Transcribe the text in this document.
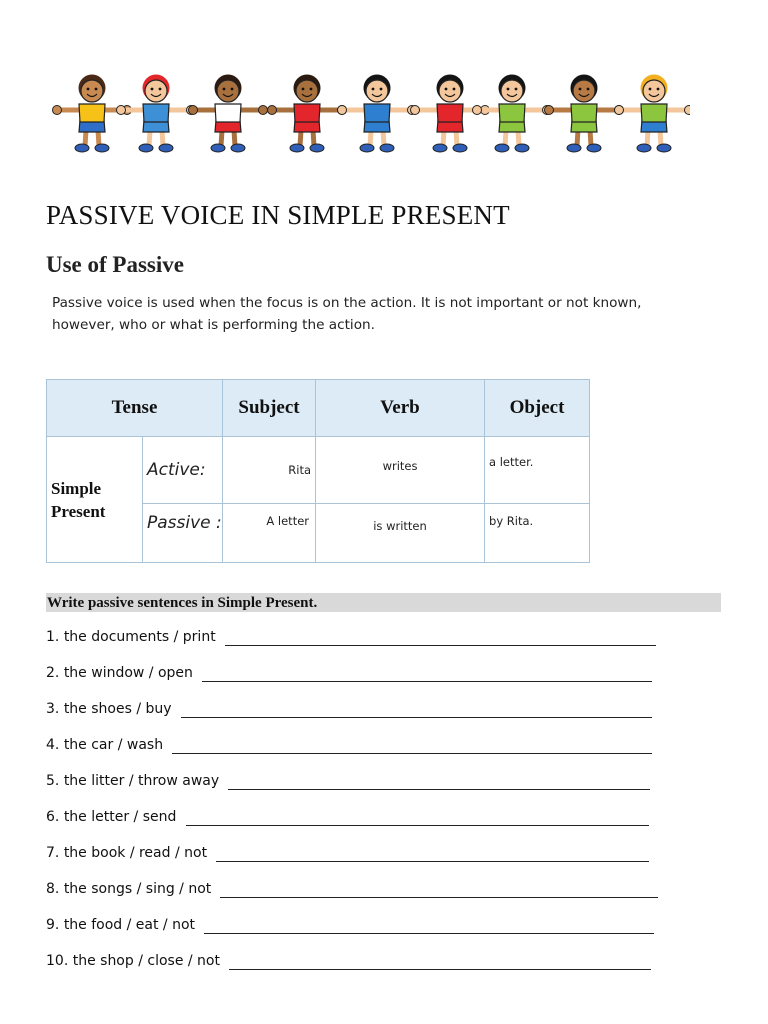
PASSIVE VOICE IN SIMPLE PRESENT
Use of Passive

Passive voice is used when the focus is on the action. It is not important or not known, however, who or what is performing the action.

Tense		Subject	Verb	Object
Simple Present	Active:	Rita	writes	a letter.
	Passive :	A letter	is written	by Rita.

Write passive sentences in Simple Present.

1. the documents / print
2. the window / open
3. the shoes / buy
4. the car / wash
5. the litter / throw away
6. the letter / send
7. the book / read / not
8. the songs / sing / not
9. the food / eat / not
10. the shop / close / not
